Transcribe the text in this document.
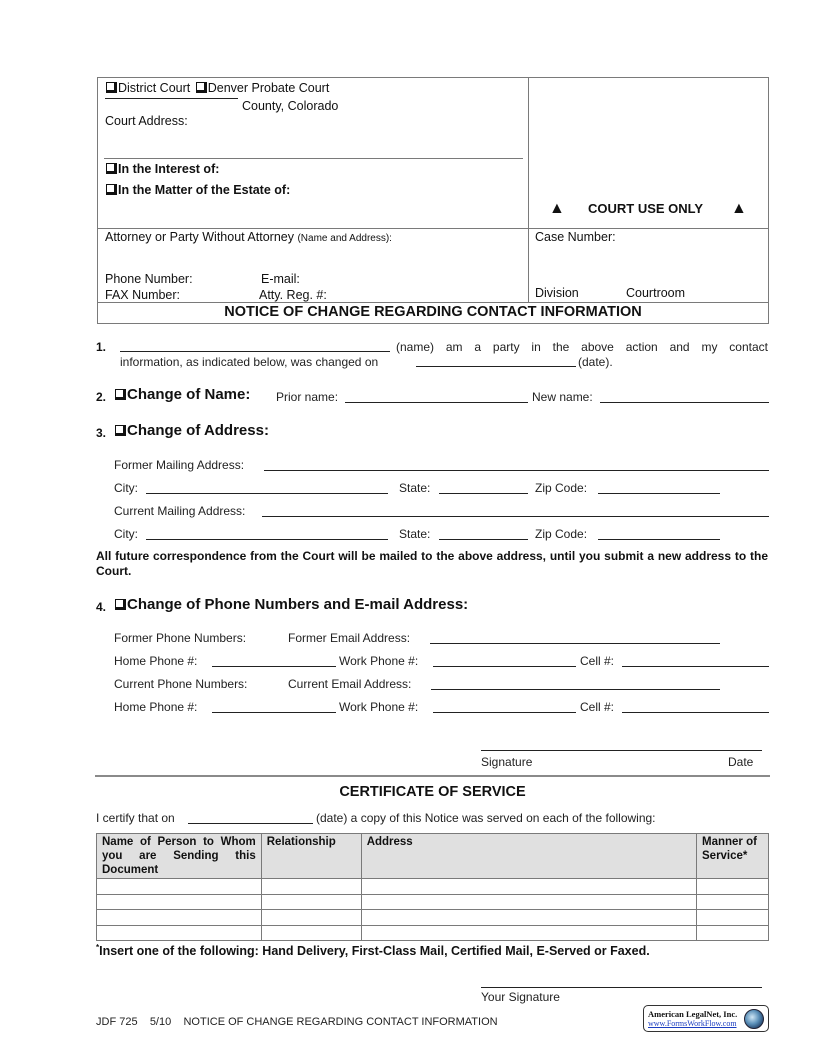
District Court Denver Probate Court
County, Colorado
Court Address:
In the Interest of:
In the Matter of the Estate of:
▲ COURT USE ONLY ▲
Attorney or Party Without Attorney (Name and Address):
Phone Number:	E-mail:
FAX Number:	Atty. Reg. #:
Case Number:
Division	Courtroom
NOTICE OF CHANGE REGARDING CONTACT INFORMATION
1.	(name) am a party in the above action and my contact
information, as indicated below, was changed on	(date).
2.	Change of Name: Prior name:	New name:
3.	Change of Address:
Former Mailing Address:
City:	State:	Zip Code:
Current Mailing Address:
City:	State:	Zip Code:
All future correspondence from the Court will be mailed to the above address, until you submit a new address to the Court.
4.	Change of Phone Numbers and E-mail Address:
Former Phone Numbers:	Former Email Address:
Home Phone #:	Work Phone #:	Cell #:
Current Phone Numbers:	Current Email Address:
Home Phone #:	Work Phone #:	Cell #:
Signature	Date
CERTIFICATE OF SERVICE
I certify that on	(date) a copy of this Notice was served on each of the following:
Name of Person to Whom you are Sending this Document	Relationship	Address	Manner of Service*

*Insert one of the following: Hand Delivery, First-Class Mail, Certified Mail, E-Served or Faxed.
Your Signature
JDF 725 5/10 NOTICE OF CHANGE REGARDING CONTACT INFORMATION
American LegalNet, Inc.
www.FormsWorkFlow.com
